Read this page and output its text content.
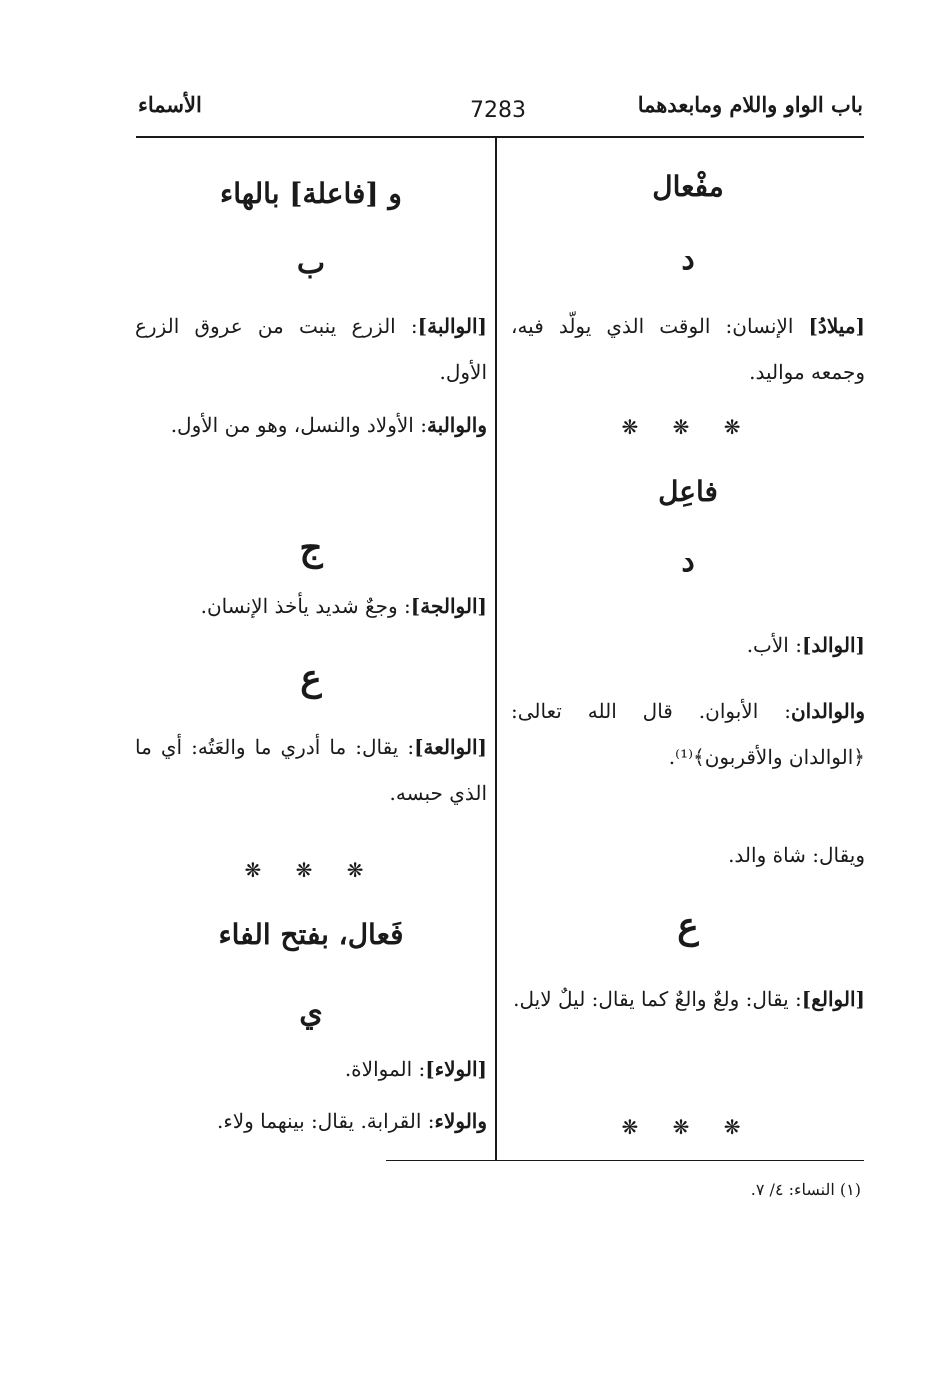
باب الواو واللام ومابعدهما
7283
الأسماء
مفْعال
د
[ميلادُ] الإنسان: الوقت الذي يولّد فيه، وجمعه مواليد.
❋ ❋ ❋
فاعِل
د
[الوالد]: الأب.
والوالدان: الأبوان. قال الله تعالى: ﴿الوالدان والأقربون﴾⁽¹⁾.
ويقال: شاة والد.
ع
[الوالع]: يقال: ولعٌ والعٌ كما يقال: ليلٌ لايل.
❋ ❋ ❋
و [فاعلة] بالهاء
ب
[الوالبة]: الزرع ينبت من عروق الزرع الأول.
والوالبة: الأولاد والنسل، وهو من الأول.
ج
[الوالجة]: وجعٌ شديد يأخذ الإنسان.
ع
[الوالعة]: يقال: ما أدري ما والعَتُه: أي ما الذي حبسه.
❋ ❋ ❋
فَعال، بفتح الفاء
ي
[الولاء]: الموالاة.
والولاء: القرابة. يقال: بينهما ولاء.
(١) النساء: ٤/ ٧.
